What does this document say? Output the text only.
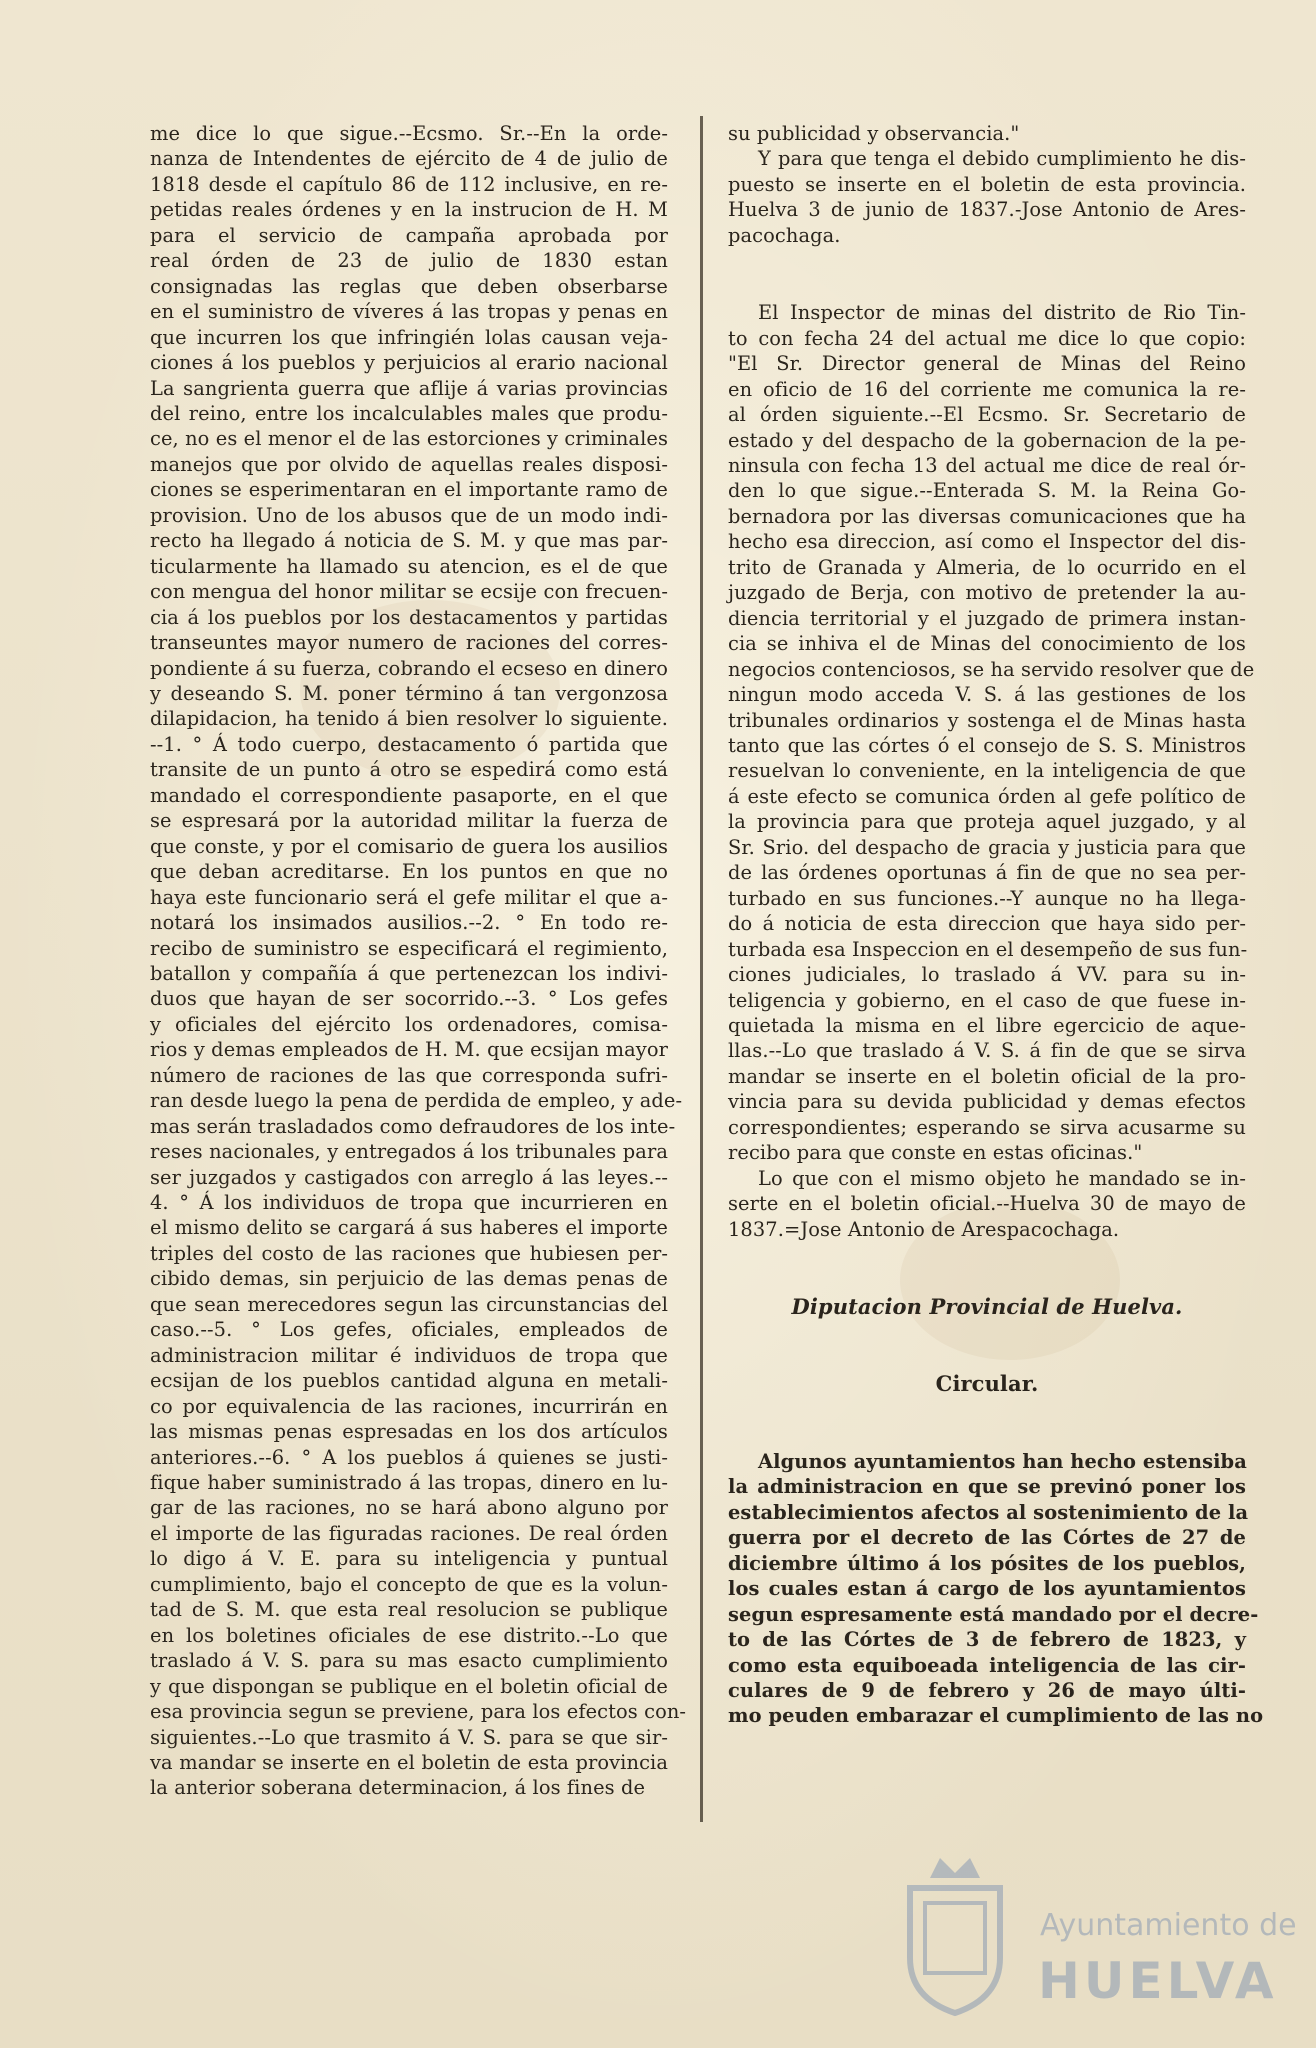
me dice lo que sigue.--Ecsmo. Sr.--En la orde-
nanza de Intendentes de ejército de 4 de julio de
1818 desde el capítulo 86 de 112 inclusive, en re-
petidas reales órdenes y en la instrucion de H. M
para el servicio de campaña aprobada por
real órden de 23 de julio de 1830 estan
consignadas las reglas que deben obserbarse
en el suministro de víveres á las tropas y penas en
que incurren los que infringién lolas causan veja-
ciones á los pueblos y perjuicios al erario nacional
La sangrienta guerra que aflije á varias provincias
del reino, entre los incalculables males que produ-
ce, no es el menor el de las estorciones y criminales
manejos que por olvido de aquellas reales disposi-
ciones se esperimentaran en el importante ramo de
provision. Uno de los abusos que de un modo indi-
recto ha llegado á noticia de S. M. y que mas par-
ticularmente ha llamado su atencion, es el de que
con mengua del honor militar se ecsije con frecuen-
cia á los pueblos por los destacamentos y partidas
transeuntes mayor numero de raciones del corres-
pondiente á su fuerza, cobrando el ecseso en dinero
y deseando S. M. poner término á tan vergonzosa
dilapidacion, ha tenido á bien resolver lo siguiente.
--1. ° Á todo cuerpo, destacamento ó partida que
transite de un punto á otro se espedirá como está
mandado el correspondiente pasaporte, en el que
se espresará por la autoridad militar la fuerza de
que conste, y por el comisario de guera los ausilios
que deban acreditarse. En los puntos en que no
haya este funcionario será el gefe militar el que a-
notará los insimados ausilios.--2. ° En todo re-
recibo de suministro se especificará el regimiento,
batallon y compañía á que pertenezcan los indivi-
duos que hayan de ser socorrido.--3. ° Los gefes
y oficiales del ejército los ordenadores, comisa-
rios y demas empleados de H. M. que ecsijan mayor
número de raciones de las que corresponda sufri-
ran desde luego la pena de perdida de empleo, y ade-
mas serán trasladados como defraudores de los inte-
reses nacionales, y entregados á los tribunales para
ser juzgados y castigados con arreglo á las leyes.--
4. ° Á los individuos de tropa que incurrieren en
el mismo delito se cargará á sus haberes el importe
triples del costo de las raciones que hubiesen per-
cibido demas, sin perjuicio de las demas penas de
que sean merecedores segun las circunstancias del
caso.--5. ° Los gefes, oficiales, empleados de
administracion militar é individuos de tropa que
ecsijan de los pueblos cantidad alguna en metali-
co por equivalencia de las raciones, incurrirán en
las mismas penas espresadas en los dos artículos
anteriores.--6. ° A los pueblos á quienes se justi-
fique haber suministrado á las tropas, dinero en lu-
gar de las raciones, no se hará abono alguno por
el importe de las figuradas raciones. De real órden
lo digo á V. E. para su inteligencia y puntual
cumplimiento, bajo el concepto de que es la volun-
tad de S. M. que esta real resolucion se publique
en los boletines oficiales de ese distrito.--Lo que
traslado á V. S. para su mas esacto cumplimiento
y que dispongan se publique en el boletin oficial de
esa provincia segun se previene, para los efectos con-
siguientes.--Lo que trasmito á V. S. para se que sir-
va mandar se inserte en el boletin de esta provincia
la anterior soberana determinacion, á los fines de
su publicidad y observancia."
Y para que tenga el debido cumplimiento he dis-
puesto se inserte en el boletin de esta provincia.
Huelva 3 de junio de 1837.-Jose Antonio de Ares-
pacochaga.
El Inspector de minas del distrito de Rio Tin-
to con fecha 24 del actual me dice lo que copio:
"El Sr. Director general de Minas del Reino
en oficio de 16 del corriente me comunica la re-
al órden siguiente.--El Ecsmo. Sr. Secretario de
estado y del despacho de la gobernacion de la pe-
ninsula con fecha 13 del actual me dice de real ór-
den lo que sigue.--Enterada S. M. la Reina Go-
bernadora por las diversas comunicaciones que ha
hecho esa direccion, así como el Inspector del dis-
trito de Granada y Almeria, de lo ocurrido en el
juzgado de Berja, con motivo de pretender la au-
diencia territorial y el juzgado de primera instan-
cia se inhiva el de Minas del conocimiento de los
negocios contenciosos, se ha servido resolver que de
ningun modo acceda V. S. á las gestiones de los
tribunales ordinarios y sostenga el de Minas hasta
tanto que las córtes ó el consejo de S. S. Ministros
resuelvan lo conveniente, en la inteligencia de que
á este efecto se comunica órden al gefe político de
la provincia para que proteja aquel juzgado, y al
Sr. Srio. del despacho de gracia y justicia para que
de las órdenes oportunas á fin de que no sea per-
turbado en sus funciones.--Y aunque no ha llega-
do á noticia de esta direccion que haya sido per-
turbada esa Inspeccion en el desempeño de sus fun-
ciones judiciales, lo traslado á VV. para su in-
teligencia y gobierno, en el caso de que fuese in-
quietada la misma en el libre egercicio de aque-
llas.--Lo que traslado á V. S. á fin de que se sirva
mandar se inserte en el boletin oficial de la pro-
vincia para su devida publicidad y demas efectos
correspondientes; esperando se sirva acusarme su
recibo para que conste en estas oficinas."
Lo que con el mismo objeto he mandado se in-
serte en el boletin oficial.--Huelva 30 de mayo de
1837.=Jose Antonio de Arespacochaga.
Diputacion Provincial de Huelva.
Circular.
Algunos ayuntamientos han hecho estensiba
la administracion en que se previnó poner los
establecimientos afectos al sostenimiento de la
guerra por el decreto de las Córtes de 27 de
diciembre último á los pósites de los pueblos,
los cuales estan á cargo de los ayuntamientos
segun espresamente está mandado por el decre-
to de las Córtes de 3 de febrero de 1823, y
como esta equiboeada inteligencia de las cir-
culares de 9 de febrero y 26 de mayo últi-
mo peuden embarazar el cumplimiento de las no
Ayuntamiento de
HUELVA
